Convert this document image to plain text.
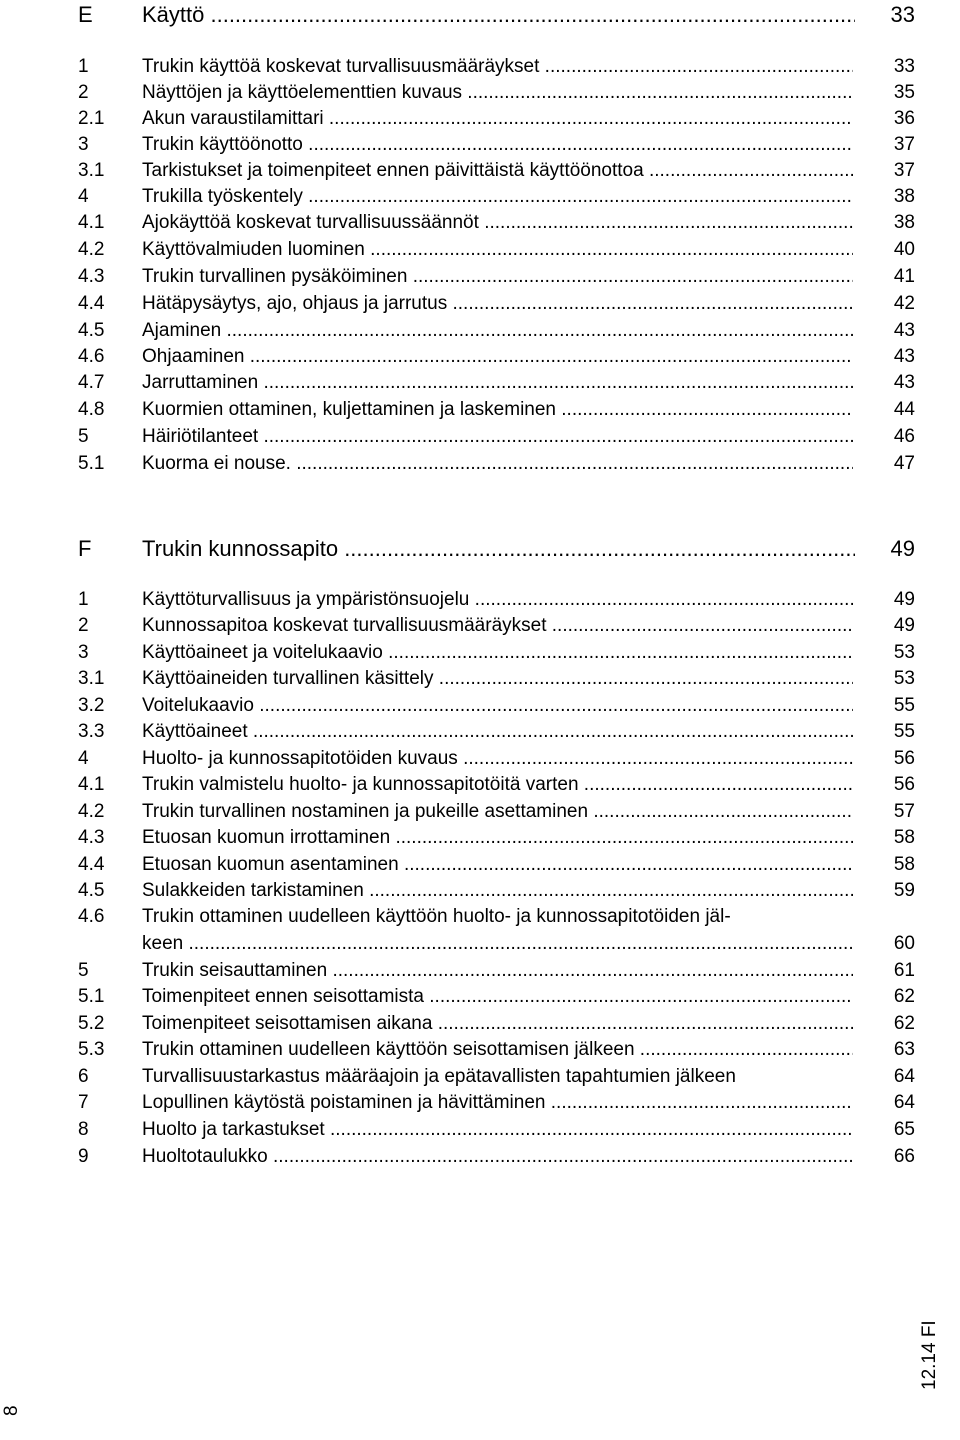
E Käyttö .....	33
1	Trukin käyttöä koskevat turvallisuusmääräykset .....	33
2	Näyttöjen ja käyttöelementtien kuvaus .....	35
2.1 Akun varaustilamittari .....	36
3	Trukin käyttöönotto .....	37
3.1 Tarkistukset ja toimenpiteet ennen päivittäistä käyttöönottoa .....	37
4	Trukilla työskentely .....	38
4.1 Ajokäyttöä koskevat turvallisuussäännöt .....	38
4.2 Käyttövalmiuden luominen .....	40
4.3 Trukin turvallinen pysäköiminen .....	41
4.4 Hätäpysäytys, ajo, ohjaus ja jarrutus .....	42
4.5 Ajaminen .....	43
4.6 Ohjaaminen .....	43
4.7 Jarruttaminen .....	43
4.8 Kuormien ottaminen, kuljettaminen ja laskeminen .....	44
5	Häiriötilanteet .....	46
5.1 Kuorma ei nouse. .....	47
F Trukin kunnossapito .....	49
1	Käyttöturvallisuus ja ympäristönsuojelu .....	49
2	Kunnossapitoa koskevat turvallisuusmääräykset .....	49
3	Käyttöaineet ja voitelukaavio .....	53
3.1 Käyttöaineiden turvallinen käsittely .....	53
3.2 Voitelukaavio .....	55
3.3 Käyttöaineet .....	55
4	Huolto- ja kunnossapitotöiden kuvaus .....	56
4.1 Trukin valmistelu huolto- ja kunnossapitotöitä varten .....	56
4.2 Trukin turvallinen nostaminen ja pukeille asettaminen .....	57
4.3 Etuosan kuomun irrottaminen .....	58
4.4 Etuosan kuomun asentaminen .....	58
4.5 Sulakkeiden tarkistaminen .....	59
4.6 Trukin ottaminen uudelleen käyttöön huolto- ja kunnossapitotöiden jäl-
keen .....	60
5	Trukin seisauttaminen .....	61
5.1 Toimenpiteet ennen seisottamista .....	62
5.2 Toimenpiteet seisottamisen aikana .....	62
5.3 Trukin ottaminen uudelleen käyttöön seisottamisen jälkeen .....	63
6	Turvallisuustarkastus määräajoin ja epätavallisten tapahtumien jälkeen	64
7	Lopullinen käytöstä poistaminen ja hävittäminen .....	64
8	Huolto ja tarkastukset .....	65
9	Huoltotaulukko .....	66
12.14 FI
8
